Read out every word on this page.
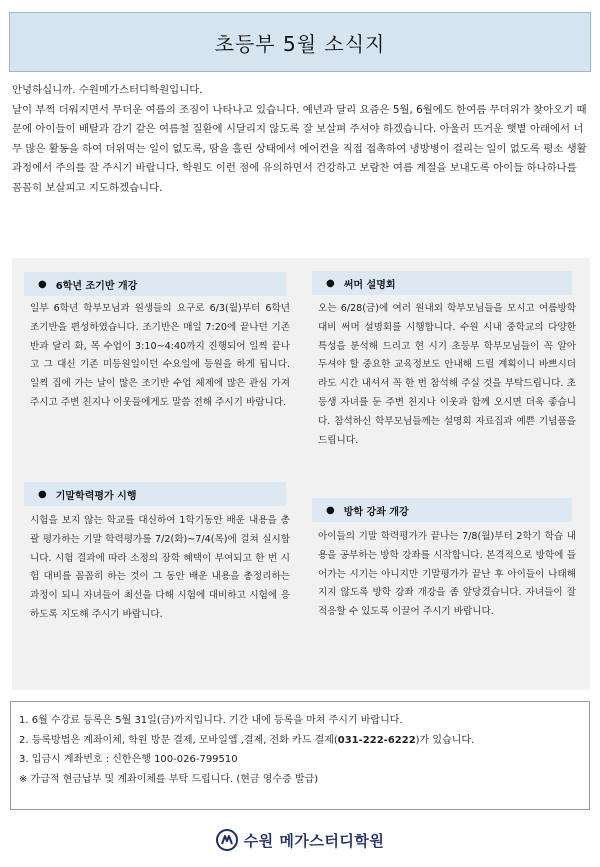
초등부 5월 소식지

안녕하십니까. 수원메가스터디학원입니다.

날이 부쩍 더워지면서 무더운 여름의 조짐이 나타나고 있습니다. 예년과 달리 요즘은 5월, 6월에도 한여름 무더위가 찾아오기 때문에 아이들이 배탈과 감기 같은 여름철 질환에 시달리지 않도록 잘 보살펴 주셔야 하겠습니다. 아울러 뜨거운 햇볕 아래에서 너무 많은 활동을 하여 더위먹는 일이 없도록, 땀을 흘린 상태에서 에어컨을 직접 접촉하여 냉방병이 걸리는 일이 없도록 평소 생활 과정에서 주의를 잘 주시기 바랍니다. 학원도 이런 점에 유의하면서 건강하고 보람찬 여름 계절을 보내도록 아이들 하나하나를 꼼꼼히 보살피고 지도하겠습니다.

● 6학년 조기반 개강
일부 6학년 학부모님과 원생들의 요구로 6/3(월)부터 6학년 조기반을 편성하였습니다. 조기반은 매일 7:20에 끝나던 기존 반과 달리 화, 목 수업이 3:10~4:40까지 진행되어 일찍 끝나고 그 대신 기존 미등원일이던 수요일에 등원을 하게 됩니다. 일찍 집에 가는 날이 많은 조기반 수업 체제에 많은 관심 가져 주시고 주변 친지나 이웃들에게도 말씀 전해 주시기 바랍니다.
● 기말학력평가 시행
시험을 보지 않는 학교를 대신하여 1학기동안 배운 내용을 총괄 평가하는 기말 학력평가를 7/2(화)~7/4(목)에 걸쳐 실시합니다. 시험 결과에 따라 소정의 장학 혜택이 부여되고 한 번 시험 대비를 꼼꼼히 하는 것이 그 동안 배운 내용을 총정리하는 과정이 되니 자녀들이 최선을 다해 시험에 대비하고 시험에 응하도록 지도해 주시기 바랍니다.
● 써머 설명회
오는 6/28(금)에 여러 원내외 학부모님들을 모시고 여름방학 대비 써머 설명회를 시행합니다. 수원 시내 중학교의 다양한 특성을 분석해 드리고 현 시기 초등부 학부모님들이 꼭 알아 두셔야 할 중요한 교육정보도 안내해 드릴 계획이니 바쁘시더라도 시간 내셔서 꼭 한 번 참석해 주실 것을 부탁드립니다. 초등생 자녀를 둔 주변 친지나 이웃과 함께 오시면 더욱 좋습니다. 참석하신 학부모님들께는 설명회 자료집과 예쁜 기념품을 드립니다.
● 방학 강좌 개강
아이들의 기말 학력평가가 끝나는 7/8(월)부터 2학기 학습 내용을 공부하는 방학 강좌를 시작합니다. 본격적으로 방학에 들어가는 시기는 아니지만 기말평가가 끝난 후 아이들이 나태해지지 않도록 방학 강좌 개강을 좀 앞당겼습니다. 자녀들이 잘 적응할 수 있도록 이끌어 주시기 바랍니다.
1. 6월 수강료 등록은 5월 31일(금)까지입니다. 기간 내에 등록을 마쳐 주시기 바랍니다.
2. 등록방법은 계좌이체, 학원 방문 결제, 모바일앱 ,결제, 전화 카드 결제(031-222-6222)가 있습니다.
3. 입금시 계좌번호 : 신한은행 100-026-799510
※ 가급적 현금납부 및 계좌이체를 부탁 드립니다. (현금 영수증 발급)
수원 메가스터디학원
